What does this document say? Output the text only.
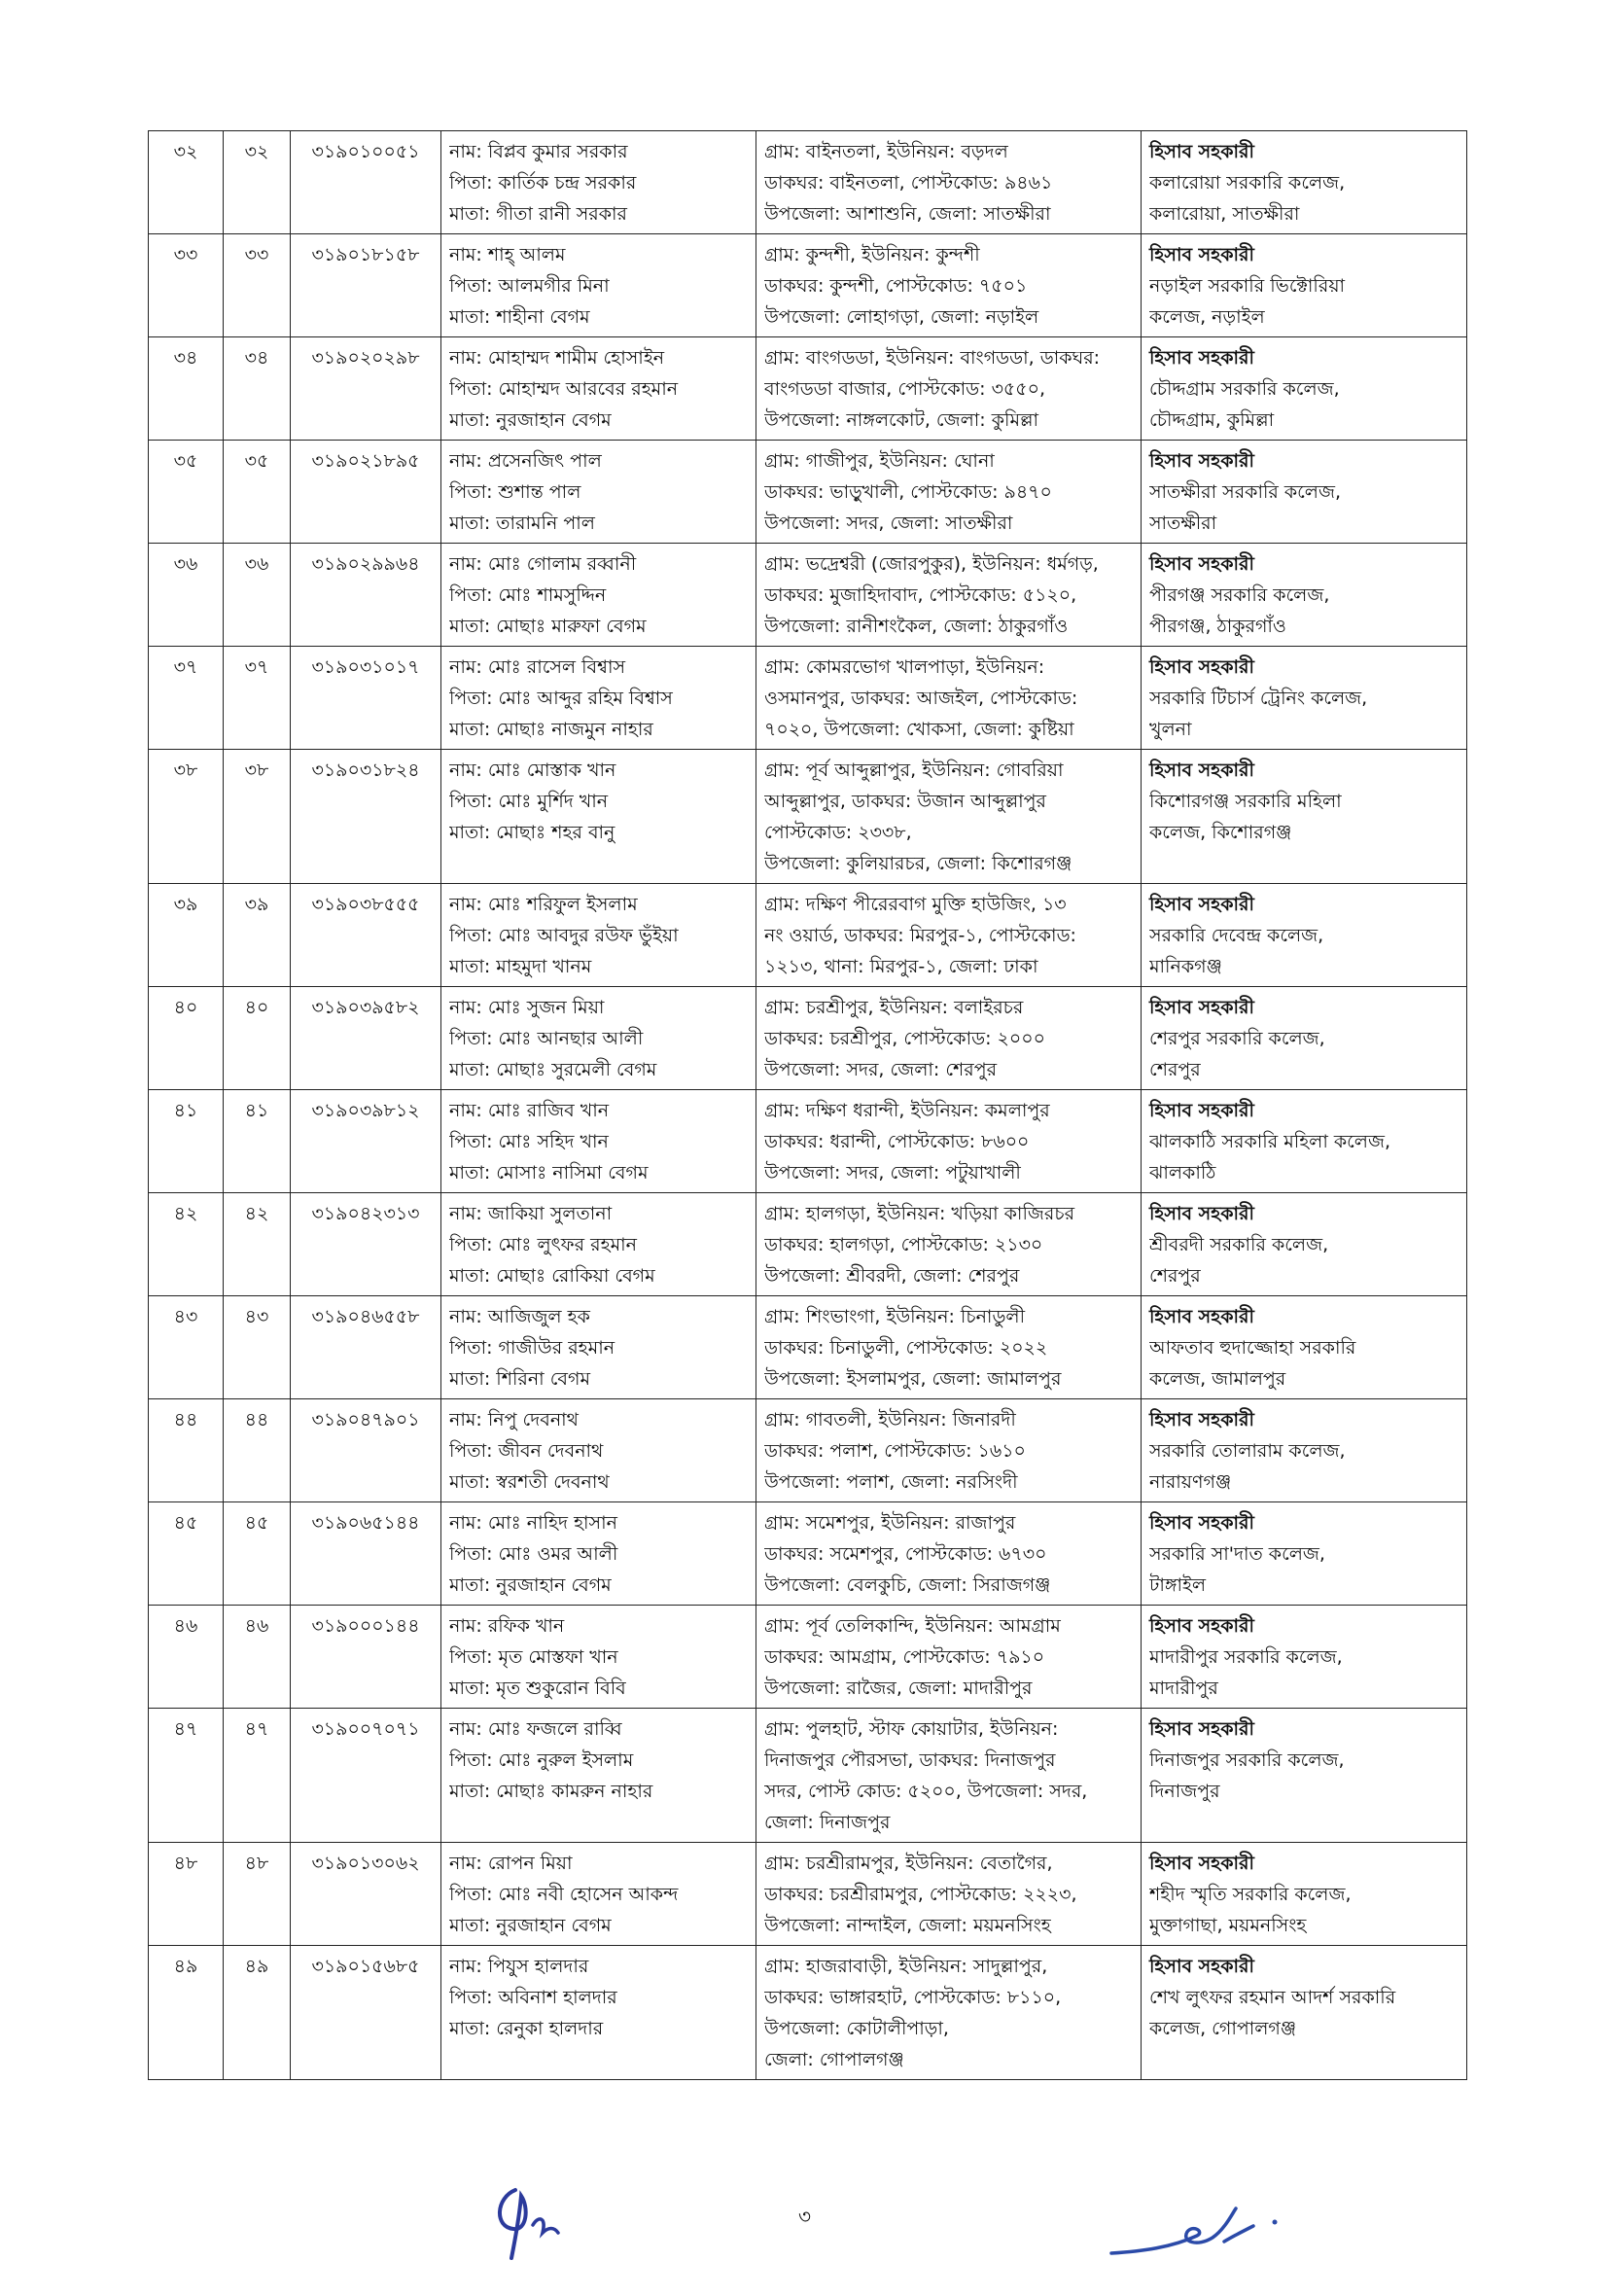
৩২	৩২	৩১৯০১০০৫১	নাম: বিপ্লব কুমার সরকার
পিতা: কার্তিক চন্দ্র সরকার
মাতা: গীতা রানী সরকার	গ্রাম: বাইনতলা, ইউনিয়ন: বড়দল
ডাকঘর: বাইনতলা, পোস্টকোড: ৯৪৬১
উপজেলা: আশাশুনি, জেলা: সাতক্ষীরা	হিসাব সহকারী
কলারোয়া সরকারি কলেজ,
কলারোয়া, সাতক্ষীরা

৩৩	৩৩	৩১৯০১৮১৫৮	নাম: শাহ্ আলম
পিতা: আলমগীর মিনা
মাতা: শাহীনা বেগম	গ্রাম: কুন্দশী, ইউনিয়ন: কুন্দশী
ডাকঘর: কুন্দশী, পোস্টকোড: ৭৫০১
উপজেলা: লোহাগড়া, জেলা: নড়াইল	হিসাব সহকারী
নড়াইল সরকারি ভিক্টোরিয়া
কলেজ, নড়াইল

৩৪	৩৪	৩১৯০২০২৯৮	নাম: মোহাম্মদ শামীম হোসাইন
পিতা: মোহাম্মদ আরবের রহমান
মাতা: নুরজাহান বেগম	গ্রাম: বাংগডডা, ইউনিয়ন: বাংগডডা, ডাকঘর:
বাংগডডা বাজার, পোস্টকোড: ৩৫৫০,
উপজেলা: নাঙ্গলকোট, জেলা: কুমিল্লা	হিসাব সহকারী
চৌদ্দগ্রাম সরকারি কলেজ,
চৌদ্দগ্রাম, কুমিল্লা

৩৫	৩৫	৩১৯০২১৮৯৫	নাম: প্রসেনজিৎ পাল
পিতা: শুশান্ত পাল
মাতা: তারামনি পাল	গ্রাম: গাজীপুর, ইউনিয়ন: ঘোনা
ডাকঘর: ভাড়ুখালী, পোস্টকোড: ৯৪৭০
উপজেলা: সদর, জেলা: সাতক্ষীরা	হিসাব সহকারী
সাতক্ষীরা সরকারি কলেজ,
সাতক্ষীরা

৩৬	৩৬	৩১৯০২৯৯৬৪	নাম: মোঃ গোলাম রব্বানী
পিতা: মোঃ শামসুদ্দিন
মাতা: মোছাঃ মারুফা বেগম	গ্রাম: ভদ্রেশ্বরী (জোরপুকুর), ইউনিয়ন: ধর্মগড়,
ডাকঘর: মুজাহিদাবাদ, পোস্টকোড: ৫১২০,
উপজেলা: রানীশংকৈল, জেলা: ঠাকুরগাঁও	হিসাব সহকারী
পীরগঞ্জ সরকারি কলেজ,
পীরগঞ্জ, ঠাকুরগাঁও

৩৭	৩৭	৩১৯০৩১০১৭	নাম: মোঃ রাসেল বিশ্বাস
পিতা: মোঃ আব্দুর রহিম বিশ্বাস
মাতা: মোছাঃ নাজমুন নাহার	গ্রাম: কোমরভোগ খালপাড়া, ইউনিয়ন:
ওসমানপুর, ডাকঘর: আজইল, পোস্টকোড:
৭০২০, উপজেলা: খোকসা, জেলা: কুষ্টিয়া	হিসাব সহকারী
সরকারি টিচার্স ট্রেনিং কলেজ,
খুলনা

৩৮	৩৮	৩১৯০৩১৮২৪	নাম: মোঃ মোস্তাক খান
পিতা: মোঃ মুর্শিদ খান
মাতা: মোছাঃ শহর বানু	গ্রাম: পূর্ব আব্দুল্লাপুর, ইউনিয়ন: গোবরিয়া
আব্দুল্লাপুর, ডাকঘর: উজান আব্দুল্লাপুর
পোস্টকোড: ২৩৩৮,
উপজেলা: কুলিয়ারচর, জেলা: কিশোরগঞ্জ	হিসাব সহকারী
কিশোরগঞ্জ সরকারি মহিলা
কলেজ, কিশোরগঞ্জ

৩৯	৩৯	৩১৯০৩৮৫৫৫	নাম: মোঃ শরিফুল ইসলাম
পিতা: মোঃ আবদুর রউফ ভুঁইয়া
মাতা: মাহমুদা খানম	গ্রাম: দক্ষিণ পীরেরবাগ মুক্তি হাউজিং, ১৩
নং ওয়ার্ড, ডাকঘর: মিরপুর-১, পোস্টকোড:
১২১৩, থানা: মিরপুর-১, জেলা: ঢাকা	হিসাব সহকারী
সরকারি দেবেন্দ্র কলেজ,
মানিকগঞ্জ

৪০	৪০	৩১৯০৩৯৫৮২	নাম: মোঃ সুজন মিয়া
পিতা: মোঃ আনছার আলী
মাতা: মোছাঃ সুরমেলী বেগম	গ্রাম: চরশ্রীপুর, ইউনিয়ন: বলাইরচর
ডাকঘর: চরশ্রীপুর, পোস্টকোড: ২০০০
উপজেলা: সদর, জেলা: শেরপুর	হিসাব সহকারী
শেরপুর সরকারি কলেজ,
শেরপুর

৪১	৪১	৩১৯০৩৯৮১২	নাম: মোঃ রাজিব খান
পিতা: মোঃ সহিদ খান
মাতা: মোসাঃ নাসিমা বেগম	গ্রাম: দক্ষিণ ধরান্দী, ইউনিয়ন: কমলাপুর
ডাকঘর: ধরান্দী, পোস্টকোড: ৮৬০০
উপজেলা: সদর, জেলা: পটুয়াখালী	হিসাব সহকারী
ঝালকাঠি সরকারি মহিলা কলেজ,
ঝালকাঠি

৪২	৪২	৩১৯০৪২৩১৩	নাম: জাকিয়া সুলতানা
পিতা: মোঃ লুৎফর রহমান
মাতা: মোছাঃ রোকিয়া বেগম	গ্রাম: হালগড়া, ইউনিয়ন: খড়িয়া কাজিরচর
ডাকঘর: হালগড়া, পোস্টকোড: ২১৩০
উপজেলা: শ্রীবরদী, জেলা: শেরপুর	হিসাব সহকারী
শ্রীবরদী সরকারি কলেজ,
শেরপুর

৪৩	৪৩	৩১৯০৪৬৫৫৮	নাম: আজিজুল হক
পিতা: গাজীউর রহমান
মাতা: শিরিনা বেগম	গ্রাম: শিংভাংগা, ইউনিয়ন: চিনাডুলী
ডাকঘর: চিনাডুলী, পোস্টকোড: ২০২২
উপজেলা: ইসলামপুর, জেলা: জামালপুর	হিসাব সহকারী
আফতাব হুদাজ্জোহা সরকারি
কলেজ, জামালপুর

৪৪	৪৪	৩১৯০৪৭৯০১	নাম: নিপু দেবনাথ
পিতা: জীবন দেবনাথ
মাতা: স্বরশতী দেবনাথ	গ্রাম: গাবতলী, ইউনিয়ন: জিনারদী
ডাকঘর: পলাশ, পোস্টকোড: ১৬১০
উপজেলা: পলাশ, জেলা: নরসিংদী	হিসাব সহকারী
সরকারি তোলারাম কলেজ,
নারায়ণগঞ্জ

৪৫	৪৫	৩১৯০৬৫১৪৪	নাম: মোঃ নাহিদ হাসান
পিতা: মোঃ ওমর আলী
মাতা: নুরজাহান বেগম	গ্রাম: সমেশপুর, ইউনিয়ন: রাজাপুর
ডাকঘর: সমেশপুর, পোস্টকোড: ৬৭৩০
উপজেলা: বেলকুচি, জেলা: সিরাজগঞ্জ	হিসাব সহকারী
সরকারি সা'দাত কলেজ,
টাঙ্গাইল

৪৬	৪৬	৩১৯০০০১৪৪	নাম: রফিক খান
পিতা: মৃত মোস্তফা খান
মাতা: মৃত শুকুরোন বিবি	গ্রাম: পূর্ব তেলিকান্দি, ইউনিয়ন: আমগ্রাম
ডাকঘর: আমগ্রাম, পোস্টকোড: ৭৯১০
উপজেলা: রাজৈর, জেলা: মাদারীপুর	হিসাব সহকারী
মাদারীপুর সরকারি কলেজ,
মাদারীপুর

৪৭	৪৭	৩১৯০০৭০৭১	নাম: মোঃ ফজলে রাব্বি
পিতা: মোঃ নুরুল ইসলাম
মাতা: মোছাঃ কামরুন নাহার	গ্রাম: পুলহাট, স্টাফ কোয়াটার, ইউনিয়ন:
দিনাজপুর পৌরসভা, ডাকঘর: দিনাজপুর
সদর, পোস্ট কোড: ৫২০০, উপজেলা: সদর,
জেলা: দিনাজপুর	হিসাব সহকারী
দিনাজপুর সরকারি কলেজ,
দিনাজপুর

৪৮	৪৮	৩১৯০১৩০৬২	নাম: রোপন মিয়া
পিতা: মোঃ নবী হোসেন আকন্দ
মাতা: নুরজাহান বেগম	গ্রাম: চরশ্রীরামপুর, ইউনিয়ন: বেতাগৈর,
ডাকঘর: চরশ্রীরামপুর, পোস্টকোড: ২২২৩,
উপজেলা: নান্দাইল, জেলা: ময়মনসিংহ	হিসাব সহকারী
শহীদ স্মৃতি সরকারি কলেজ,
মুক্তাগাছা, ময়মনসিংহ

৪৯	৪৯	৩১৯০১৫৬৮৫	নাম: পিযুস হালদার
পিতা: অবিনাশ হালদার
মাতা: রেনুকা হালদার	গ্রাম: হাজরাবাড়ী, ইউনিয়ন: সাদুল্লাপুর,
ডাকঘর: ভাঙ্গারহাট, পোস্টকোড: ৮১১০,
উপজেলা: কোটালীপাড়া,
জেলা: গোপালগঞ্জ	হিসাব সহকারী
শেখ লুৎফর রহমান আদর্শ সরকারি
কলেজ, গোপালগঞ্জ
৩
